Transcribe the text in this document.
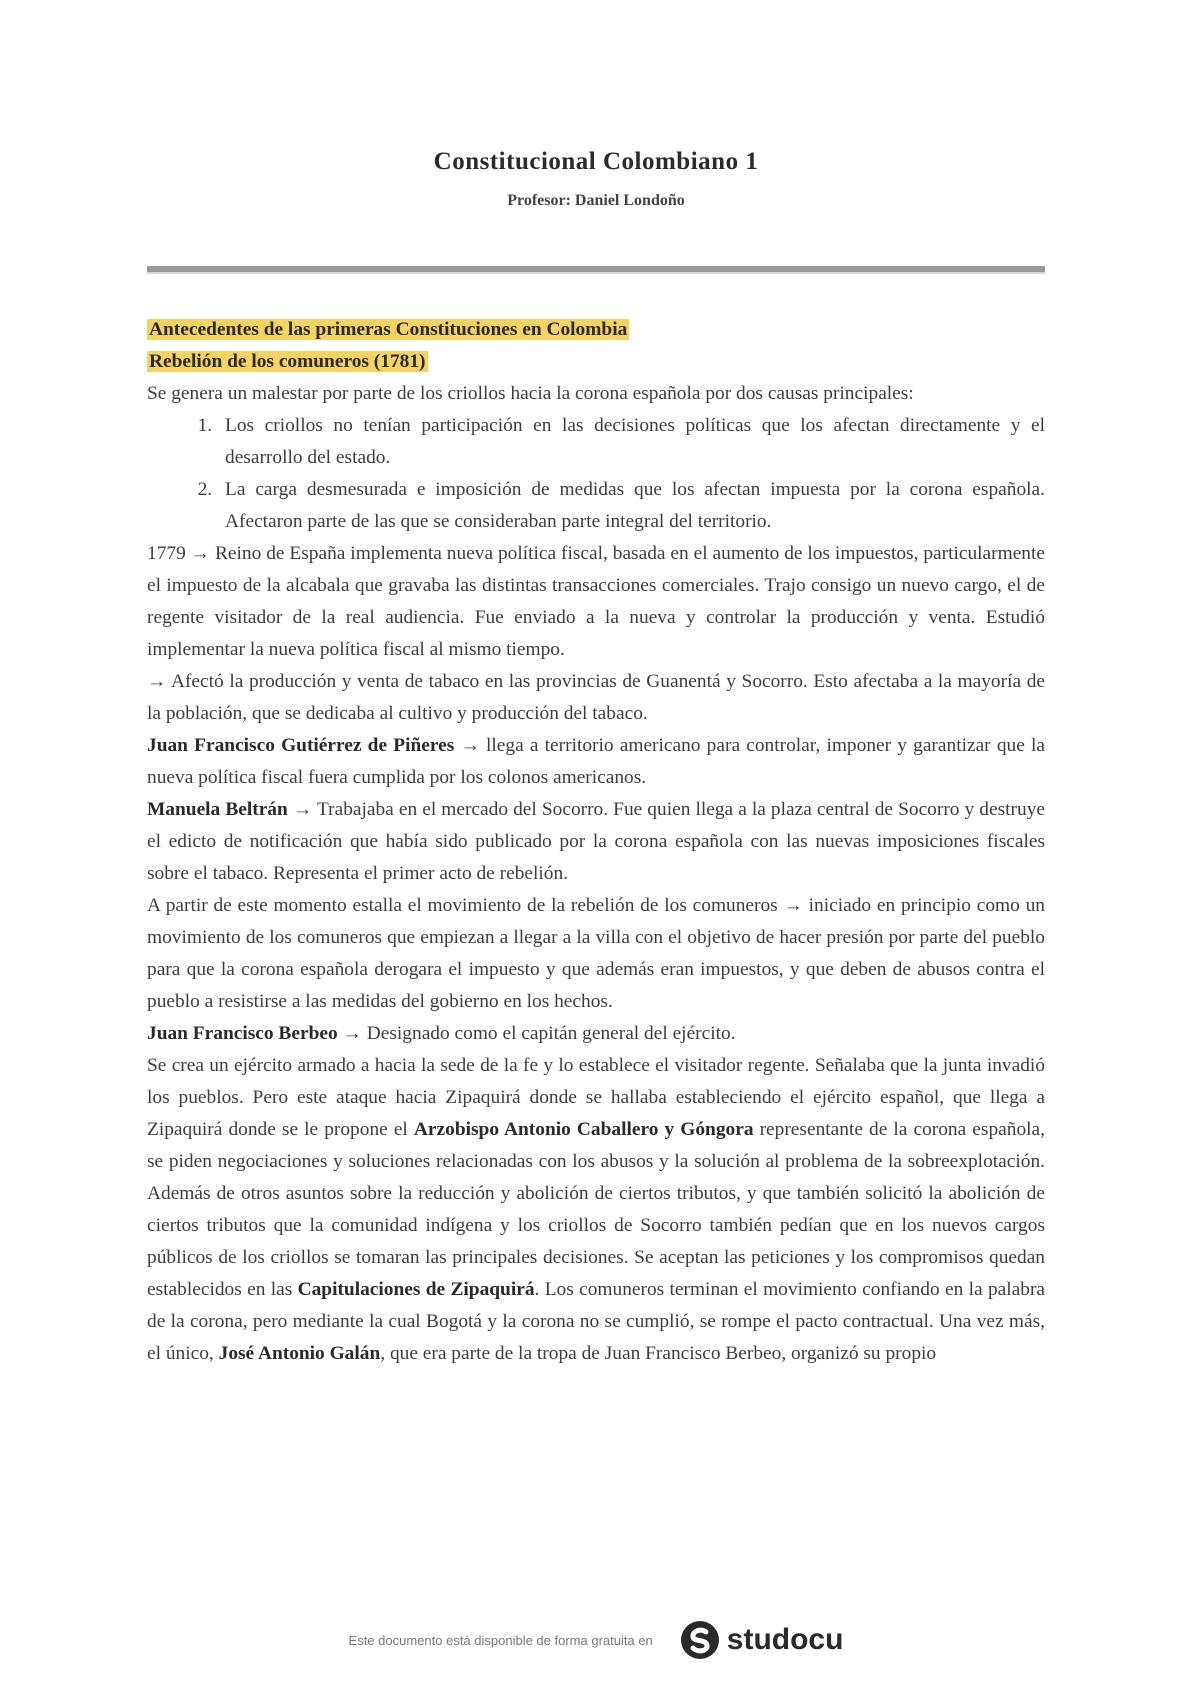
Constitucional Colombiano 1
Profesor: Daniel Londoño

Antecedentes de las primeras Constituciones en Colombia

Rebelión de los comuneros (1781)

Se genera un malestar por parte de los criollos hacia la corona española por dos causas principales:

1. Los criollos no tenían participación en las decisiones políticas que los afectan directamente y el desarrollo del estado.
2. La carga desmesurada e imposición de medidas que los afectan impuesta por la corona española. Afectaron parte de las que se consideraban parte integral del territorio.

1779 → Reino de España implementa nueva política fiscal, basada en el aumento de los impuestos, particularmente el impuesto de la alcabala que gravaba las distintas transacciones comerciales. Trajo consigo un nuevo cargo, el de regente visitador de la real audiencia. Fue enviado a la nueva y controlar la producción y venta. Estudió implementar la nueva política fiscal al mismo tiempo.

→ Afectó la producción y venta de tabaco en las provincias de Guanentá y Socorro. Esto afectaba a la mayoría de la población, que se dedicaba al cultivo y producción del tabaco.

Juan Francisco Gutiérrez de Piñeres → llega a territorio americano para controlar, imponer y garantizar que la nueva política fiscal fuera cumplida por los colonos americanos.

Manuela Beltrán → Trabajaba en el mercado del Socorro. Fue quien llega a la plaza central de Socorro y destruye el edicto de notificación que había sido publicado por la corona española con las nuevas imposiciones fiscales sobre el tabaco. Representa el primer acto de rebelión.

A partir de este momento estalla el movimiento de la rebelión de los comuneros → iniciado en principio como un movimiento de los comuneros que empiezan a llegar a la villa con el objetivo de hacer presión por parte del pueblo para que la corona española derogara el impuesto y que además eran impuestos, y que deben de abusos contra el pueblo a resistirse a las medidas del gobierno en los hechos.

Juan Francisco Berbeo → Designado como el capitán general del ejército.

Se crea un ejército armado a hacia la sede de la fe y lo establece el visitador regente. Señalaba que la junta invadió los pueblos. Pero este ataque hacia Zipaquirá donde se hallaba estableciendo el ejército español, que llega a Zipaquirá donde se le propone el Arzobispo Antonio Caballero y Góngora representante de la corona española, se piden negociaciones y soluciones relacionadas con los abusos y la solución al problema de la sobreexplotación. Además de otros asuntos sobre la reducción y abolición de ciertos tributos, y que también solicitó la abolición de ciertos tributos que la comunidad indígena y los criollos de Socorro también pedían que en los nuevos cargos públicos de los criollos se tomaran las principales decisiones. Se aceptan las peticiones y los compromisos quedan establecidos en las Capitulaciones de Zipaquirá. Los comuneros terminan el movimiento confiando en la palabra de la corona, pero mediante la cual Bogotá y la corona no se cumplió, se rompe el pacto contractual. Una vez más, el único, José Antonio Galán, que era parte de la tropa de Juan Francisco Berbeo, organizó su propio

Este documento está disponible de forma gratuita en studocu
